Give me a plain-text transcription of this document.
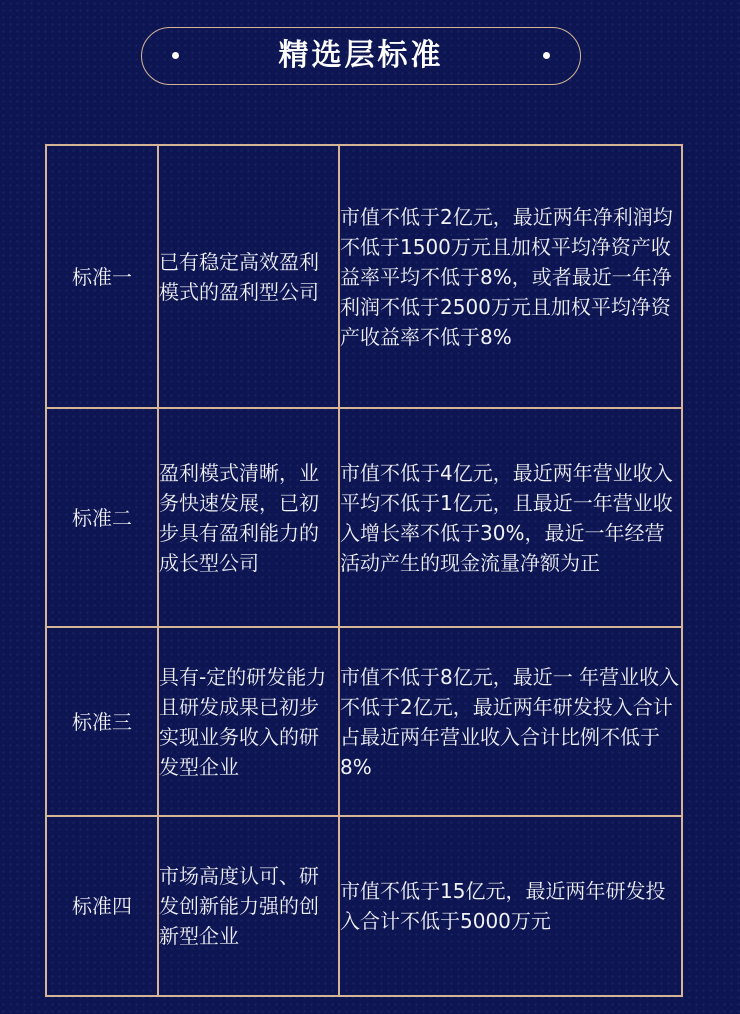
精选层标准
标准一	已有稳定高效盈利模式的盈利型公司	市值不低于2亿元，最近两年净利润均不低于1500万元且加权平均净资产收益率平均不低于8%，或者最近一年净利润不低于2500万元且加权平均净资产收益率不低于8%

标准二	盈利模式清晰，业务快速发展，已初步具有盈利能力的成长型公司	市值不低于4亿元，最近两年营业收入平均不低于1亿元，且最近一年营业收入增长率不低于30%，最近一年经营活动产生的现金流量净额为正

标准三	具有-定的研发能力且研发成果已初步实现业务收入的研发型企业	市值不低于8亿元，最近一 年营业收入不低于2亿元，最近两年研发投入合计占最近两年营业收入合计比例不低于8%

标准四	市场高度认可、研发创新能力强的创新型企业	市值不低于15亿元，最近两年研发投入合计不低于5000万元
